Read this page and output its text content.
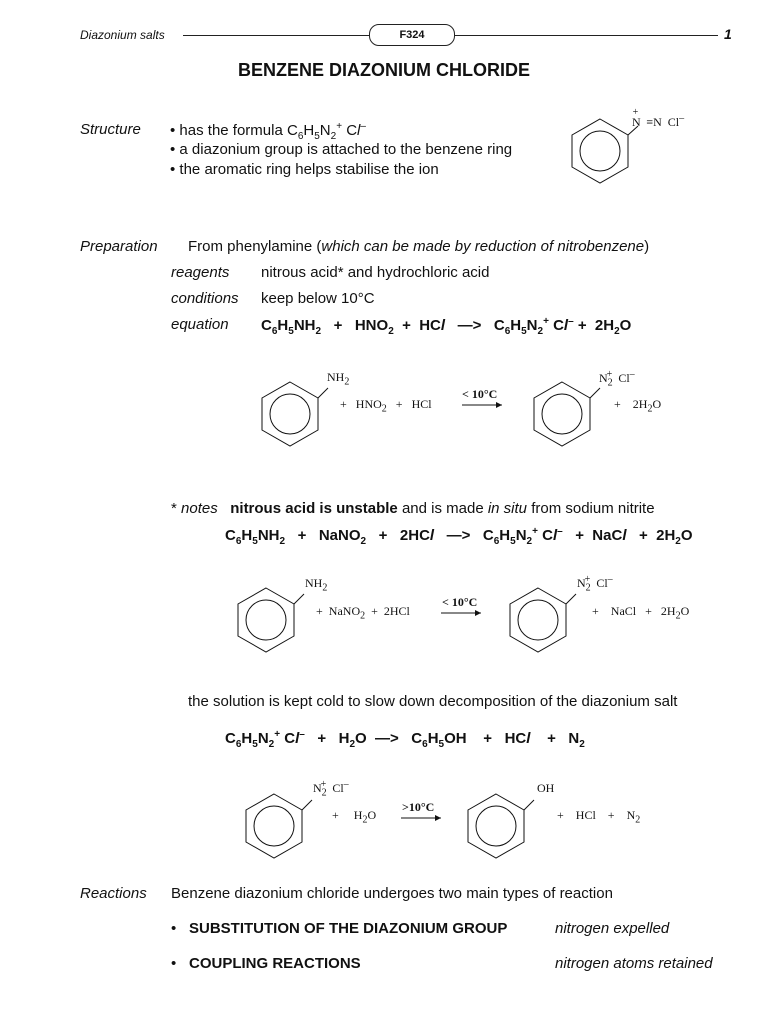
Diazonium salts	F324	1
BENZENE DIAZONIUM CHLORIDE
Structure • has the formula $C_6H_5N_2^+$ Cl–
• a diazonium group is attached to the benzene ring
• the aromatic ring helps stabilise the ion
N+≡N Cl–
Preparation From phenylamine (which can be made by reduction of nitrobenzene)
reagents nitrous acid* and hydrochloric acid
conditions keep below 10°C
equation $C_6H_5NH_2 + HNO_2$ + HCl —> $C_6H_5N_2^+$ $Cl^- + 2H_2O$
$NH_2$
+ $HNO_2$ + HCl
< 10°C
$N_2^+$ Cl–
+ $2H_2O$
* notes nitrous acid is unstable and is made in situ from sodium nitrite
$C_6H_5NH_2$ + NaNO$_2$ + 2HCl —> $C_6H_5N_2^+$ Cl– + NaCl + $2H_2O$
$NH_2$
+ NaNO$_2$ + 2HCl
< 10°C
$N_2^+$ Cl–
+ NaCl + $2H_2O$
the solution is kept cold to slow down decomposition of the diazonium salt
$C_6H_5N_2^+$ $Cl^- + H_2O$ —> $C_6H_5OH$ + HCl + $N_2$
$N_2^+$ Cl–
+ $H_2O$
>10°C
OH
+ HCl + $N_2$
Reactions Benzene diazonium chloride undergoes two main types of reaction
• SUBSTITUTION OF THE DIAZONIUM GROUP	nitrogen expelled
• COUPLING REACTIONS	nitrogen atoms retained
